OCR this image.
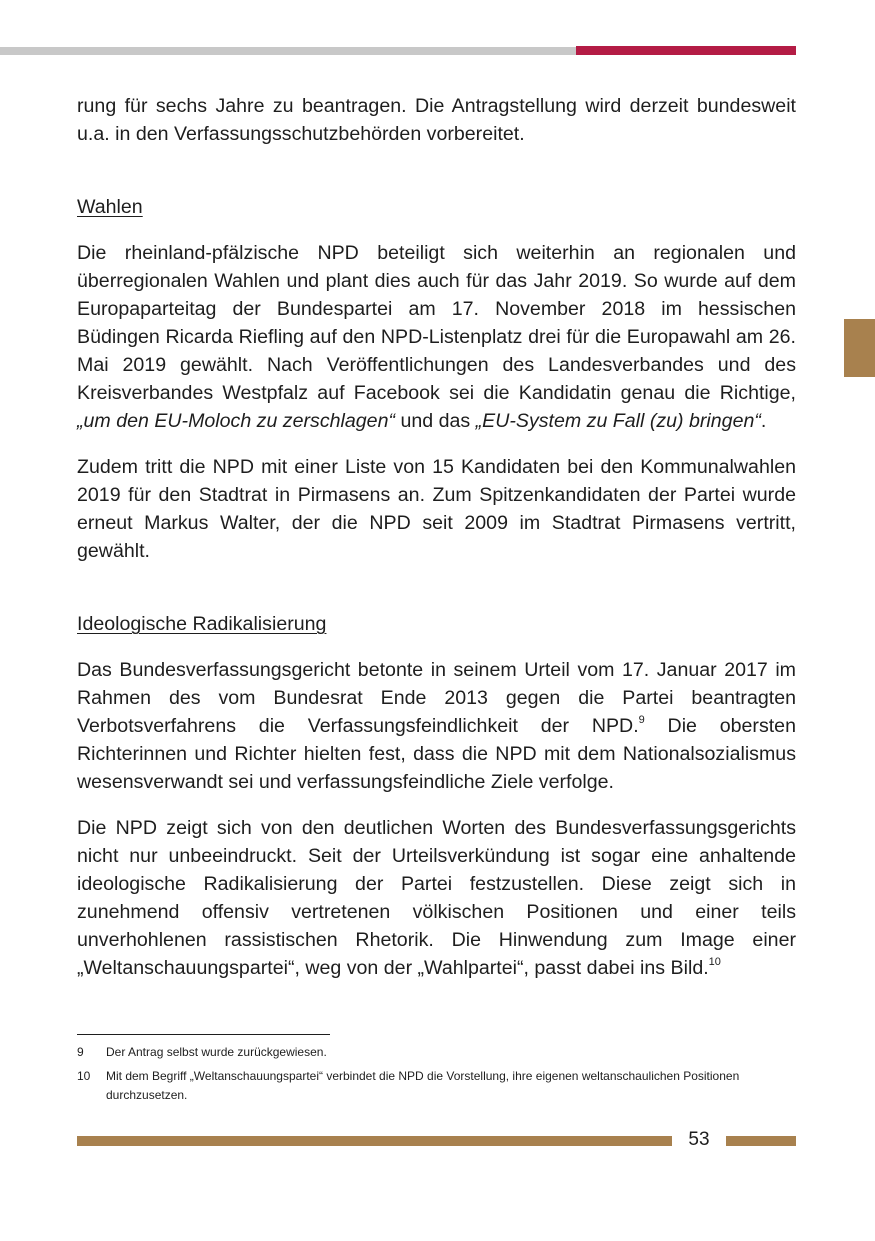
rung für sechs Jahre zu beantragen. Die Antragstellung wird derzeit bundesweit u.a. in den Verfassungsschutzbehörden vorbereitet.

Wahlen

Die rheinland-pfälzische NPD beteiligt sich weiterhin an regionalen und überregionalen Wahlen und plant dies auch für das Jahr 2019. So wurde auf dem Europaparteitag der Bundespartei am 17. November 2018 im hessischen Büdingen Ricarda Riefling auf den NPD-Listenplatz drei für die Europawahl am 26. Mai 2019 gewählt. Nach Veröffentlichungen des Landesverbandes und des Kreisverbandes Westpfalz auf Facebook sei die Kandidatin genau die Richtige, „um den EU-Moloch zu zerschlagen“ und das „EU-System zu Fall (zu) bringen“.

Zudem tritt die NPD mit einer Liste von 15 Kandidaten bei den Kommunalwahlen 2019 für den Stadtrat in Pirmasens an. Zum Spitzenkandidaten der Partei wurde erneut Markus Walter, der die NPD seit 2009 im Stadtrat Pirmasens vertritt, gewählt.

Ideologische Radikalisierung

Das Bundesverfassungsgericht betonte in seinem Urteil vom 17. Januar 2017 im Rahmen des vom Bundesrat Ende 2013 gegen die Partei beantragten Verbotsverfahrens die Verfassungsfeindlichkeit der NPD.$^9$ Die obersten Richterinnen und Richter hielten fest, dass die NPD mit dem Nationalsozialismus wesensverwandt sei und verfassungsfeindliche Ziele verfolge.

Die NPD zeigt sich von den deutlichen Worten des Bundesverfassungsgerichts nicht nur unbeeindruckt. Seit der Urteilsverkündung ist sogar eine anhaltende ideologische Radikalisierung der Partei festzustellen. Diese zeigt sich in zunehmend offensiv vertretenen völkischen Positionen und einer teils unverhohlenen rassistischen Rhetorik. Die Hinwendung zum Image einer „Weltanschauungspartei“, weg von der „Wahlpartei“, passt dabei ins Bild.$^{10}$

9	Der Antrag selbst wurde zurückgewiesen.
10	Mit dem Begriff „Weltanschauungspartei“ verbindet die NPD die Vorstellung, ihre eigenen weltanschaulichen Positionen durchzusetzen.
53
